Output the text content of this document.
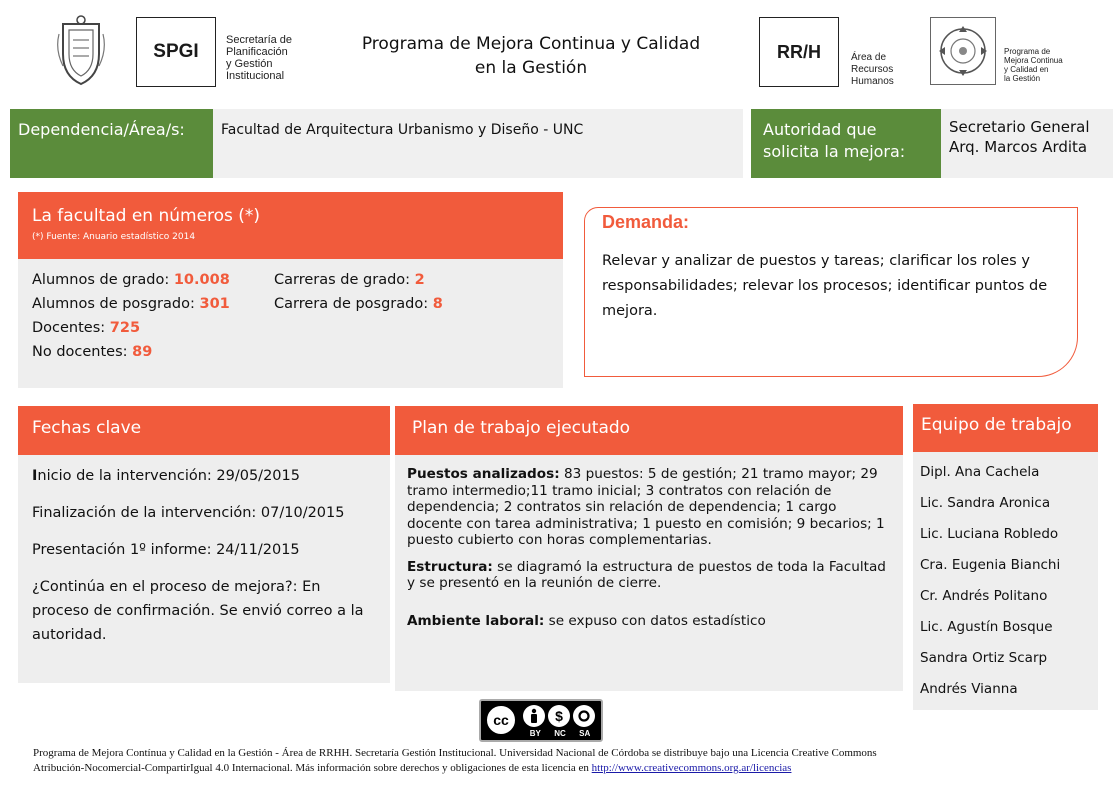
SPGI
Secretaría de
Planificación
y Gestión
Institucional
Programa de Mejora Continua y Calidad
en la Gestión
RR/H	Área de
Recursos
Humanos
Programa de
Mejora Continua
y Calidad en
la Gestión
Dependencia/Área/s:	Facultad de Arquitectura Urbanismo y Diseño - UNC	Autoridad que
solicita la mejora:
Secretario General
Arq. Marcos Ardita
La facultad en números (*)
(*) Fuente: Anuario estadístico 2014
Alumnos de grado: 10.008
Alumnos de posgrado: 301
Docentes: 725
No docentes: 89
Carreras de grado: 2
Carrera de posgrado: 8
Demanda:
Relevar y analizar de puestos y tareas; clarificar los roles y responsabilidades; relevar los procesos; identificar puntos de mejora.
Fechas clave
Inicio de la intervención: 29/05/2015
Finalización de la intervención: 07/10/2015
Presentación 1º informe: 24/11/2015
¿Continúa en el proceso de mejora?: En proceso de confirmación. Se envió correo a la autoridad.
Plan de trabajo ejecutado

Puestos analizados: 83 puestos: 5 de gestión; 21 tramo mayor; 29 tramo intermedio;11 tramo inicial; 3 contratos con relación de dependencia; 2 contratos sin relación de dependencia; 1 cargo docente con tarea administrativa; 1 puesto en comisión; 9 becarios; 1 puesto cubierto con horas complementarias.

Estructura: se diagramó la estructura de puestos de toda la Facultad y se presentó en la reunión de cierre.

Ambiente laboral: se expuso con datos estadístico

Equipo de trabajo
Dipl. Ana Cachela
Lic. Sandra Aronica
Lic. Luciana Robledo
Cra. Eugenia Bianchi
Cr. Andrés Politano
Lic. Agustín Bosque
Sandra Ortiz Scarp
Andrés Vianna
cc	$
BY NC SA
Programa de Mejora Contínua y Calidad en la Gestión - Área de RRHH. Secretaría Gestión Institucional. Universidad Nacional de Córdoba se distribuye bajo una Licencia Creative Commons
Atribución-Nocomercial-CompartirIgual 4.0 Internacional. Más información sobre derechos y obligaciones de esta licencia en http://www.creativecommons.org.ar/licencias
